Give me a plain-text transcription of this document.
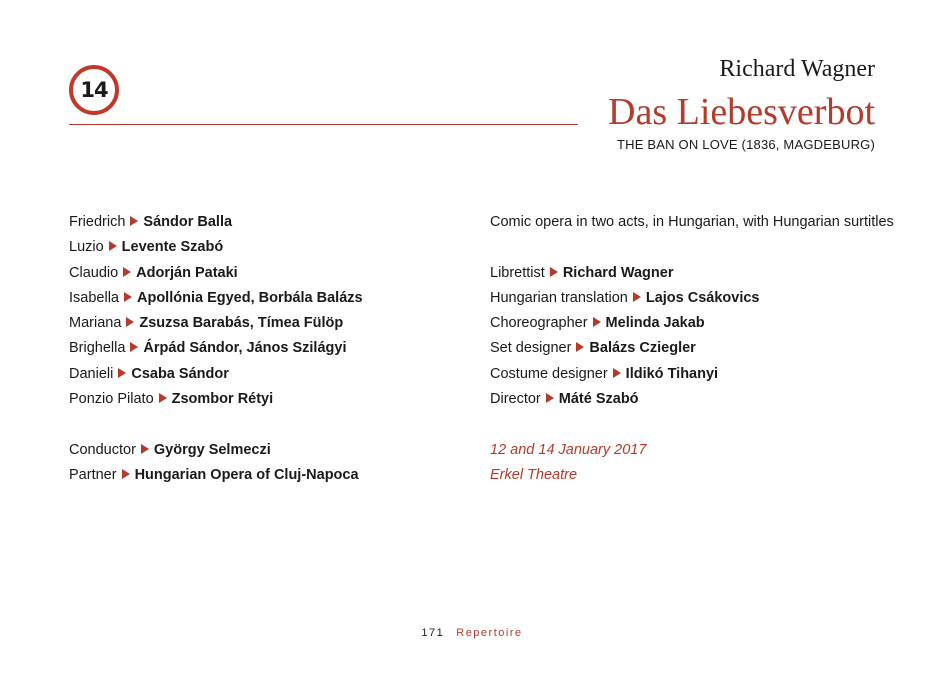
14
Richard Wagner
Das Liebesverbot
THE BAN ON LOVE (1836, MAGDEBURG)
Friedrich Sándor Balla
Luzio Levente Szabó
Claudio Adorján Pataki
Isabella Apollónia Egyed, Borbála Balázs
Mariana Zsuzsa Barabás, Tímea Fülöp
Brighella Árpád Sándor, János Szilágyi
Danieli Csaba Sándor
Ponzio Pilato Zsombor Rétyi
Conductor György Selmeczi
Partner Hungarian Opera of Cluj-Napoca
Comic opera in two acts, in Hungarian, with Hungarian surtitles
Librettist Richard Wagner
Hungarian translation Lajos Csákovics
Choreographer Melinda Jakab
Set designer Balázs Cziegler
Costume designer Ildikó Tihanyi
Director Máté Szabó
12 and 14 January 2017
Erkel Theatre
171 Repertoire
